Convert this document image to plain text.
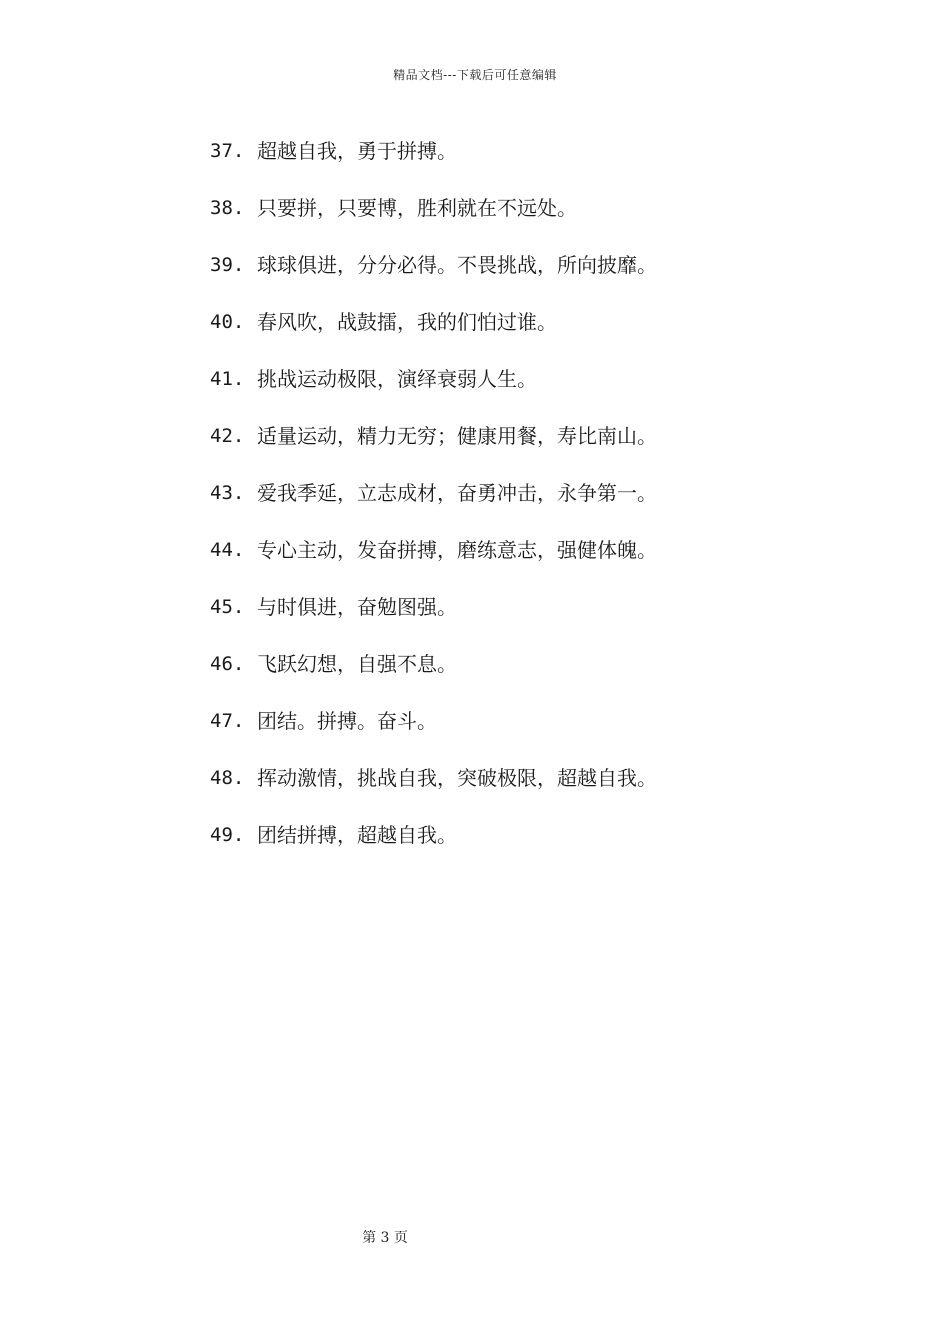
精品文档---下载后可任意编辑
37. 超越自我，勇于拼搏。
38. 只要拼，只要博，胜利就在不远处。
39. 球球俱进，分分必得。不畏挑战，所向披靡。
40. 春风吹，战鼓擂，我的们怕过谁。
41. 挑战运动极限，演绎衰弱人生。
42. 适量运动，精力无穷；健康用餐，寿比南山。
43. 爱我季延，立志成材，奋勇冲击，永争第一。
44. 专心主动，发奋拼搏，磨练意志，强健体魄。
45. 与时俱进，奋勉图强。
46. 飞跃幻想，自强不息。
47. 团结。拼搏。奋斗。
48. 挥动激情，挑战自我，突破极限，超越自我。
49. 团结拼搏，超越自我。
第 3 页
